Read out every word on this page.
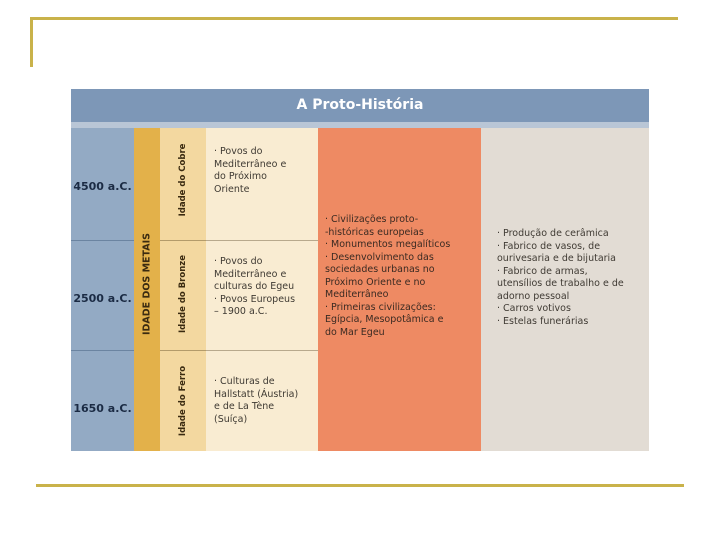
A Proto-História
4500 a.C.
2500 a.C.
1650 a.C.
IDADE DOS METAIS
Idade do Cobre
Idade do Bronze
Idade do Ferro
· Povos do
Mediterrâneo e
do Próximo
Oriente
· Povos do
Mediterrâneo e
culturas do Egeu
· Povos Europeus
– 1900 a.C.
· Culturas de
Hallstatt (Áustria)
e de La Tène
(Suíça)
· Civilizações proto-
-históricas europeias
· Monumentos megalíticos
· Desenvolvimento das
sociedades urbanas no
Próximo Oriente e no
Mediterrâneo
· Primeiras civilizações:
Egípcia, Mesopotâmica e
do Mar Egeu
· Produção de cerâmica
· Fabrico de vasos, de
ourivesaria e de bijutaria
· Fabrico de armas,
utensílios de trabalho e de
adorno pessoal
· Carros votivos
· Estelas funerárias
